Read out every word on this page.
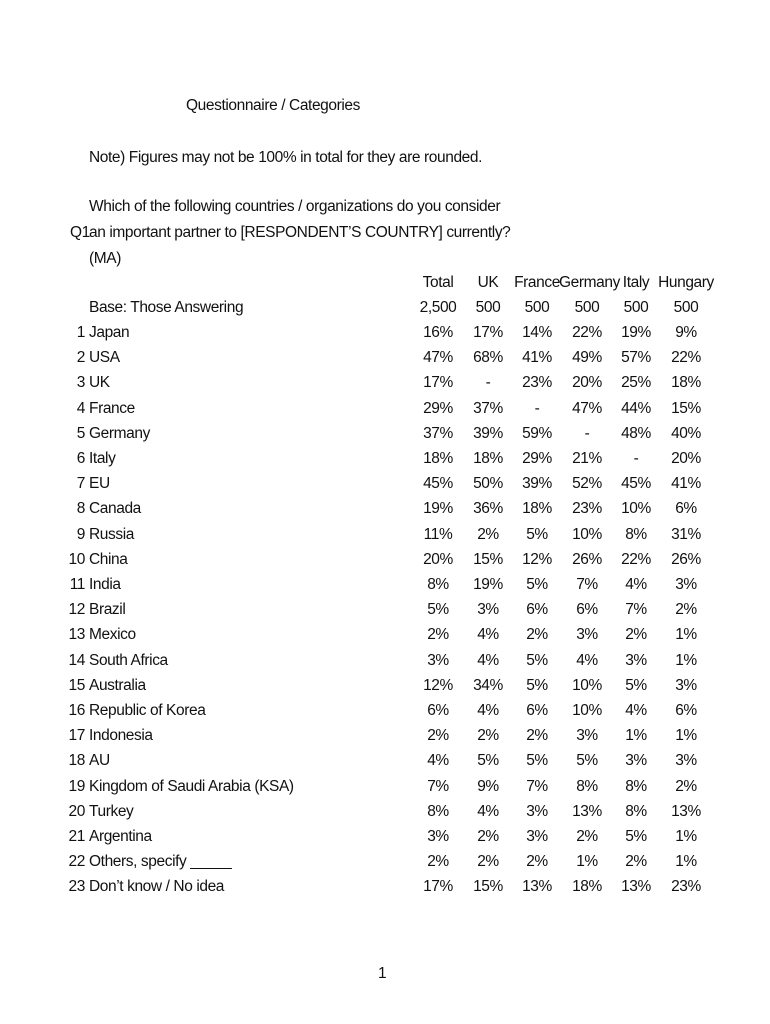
Questionnaire / Categories
Note) Figures may not be 100% in total for they are rounded.
Which of the following countries / organizations do you consider
Q1 an important partner to [RESPONDENT’S COUNTRY] currently?
(MA)
Total	UK	France Germany Italy Hungary
Base: Those Answering	2,500	500	500	500	500	500
1 Japan	16%	17%	14%	22%	19%	9%
2 USA	47%	68%	41%	49%	57%	22%
3 UK	17%	-	23%	20%	25%	18%
4 France	29%	37%	-	47%	44%	15%
5 Germany	37%	39%	59%	-	48%	40%
6 Italy	18%	18%	29%	21%	-	20%
7 EU	45%	50%	39%	52%	45%	41%
8 Canada	19%	36%	18%	23%	10%	6%
9 Russia	11%	2%	5%	10%	8%	31%
10 China	20%	15%	12%	26%	22%	26%
11 India	8%	19%	5%	7%	4%	3%
12 Brazil	5%	3%	6%	6%	7%	2%
13 Mexico	2%	4%	2%	3%	2%	1%
14 South Africa	3%	4%	5%	4%	3%	1%
15 Australia	12%	34%	5%	10%	5%	3%
16 Republic of Korea	6%	4%	6%	10%	4%	6%
17 Indonesia	2%	2%	2%	3%	1%	1%
18 AU	4%	5%	5%	5%	3%	3%
19 Kingdom of Saudi Arabia (KSA)	7%	9%	7%	8%	8%	2%
20 Turkey	8%	4%	3%	13%	8%	13%
21 Argentina	3%	2%	3%	2%	5%	1%
22 Others, specify _____	2%	2%	2%	1%	2%	1%
23 Don’t know / No idea	17%	15%	13%	18%	13%	23%
1
